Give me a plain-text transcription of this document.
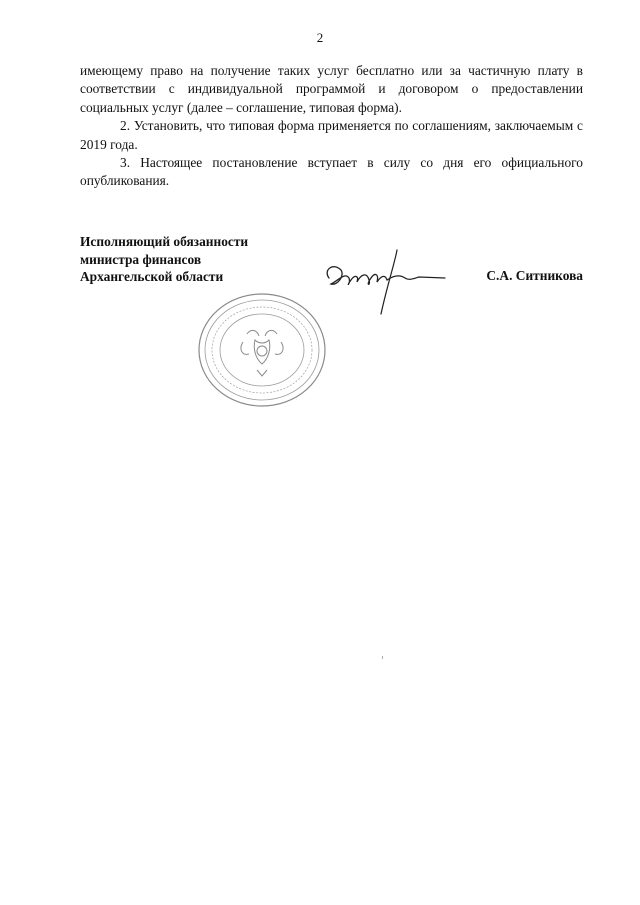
2

имеющему право на получение таких услуг бесплатно или за частичную плату в соответствии с индивидуальной программой и договором о предоставлении социальных услуг (далее – соглашение, типовая форма).

2. Установить, что типовая форма применяется по соглашениям, заключаемым с 2019 года.

3. Настоящее постановление вступает в силу со дня его официального опубликования.

Исполняющий обязанности
министра финансов
Архангельской области	С.А. Ситникова
